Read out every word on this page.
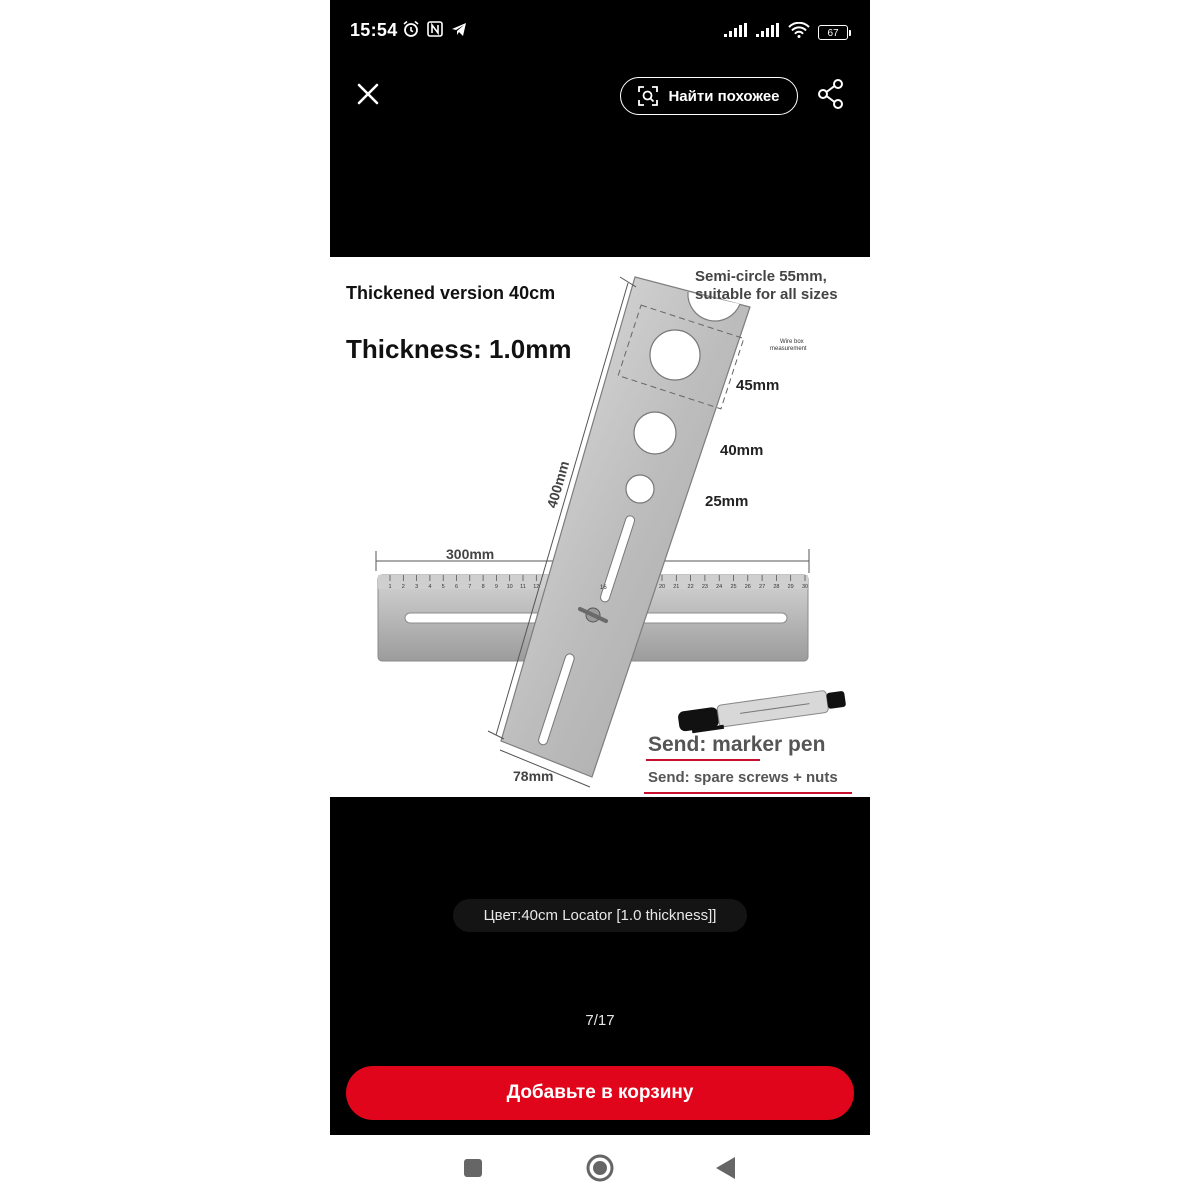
15:54	67
Найти похожее
1 2 3 4 5 6 7 8 9 10 11 12	20 21 22 23 24 25 26 27 28 29 30
300mm
16
400mm
78mm
Thickened version 40cm
Thickness: 1.0mm
Semi-circle 55mm,
suitable for all sizes
Wire box
measurement
45mm
40mm
25mm
Send: marker pen
Send: spare screws + nuts
Цвет:40cm Locator [1.0 thickness]]
7/17
Добавьте в корзину
